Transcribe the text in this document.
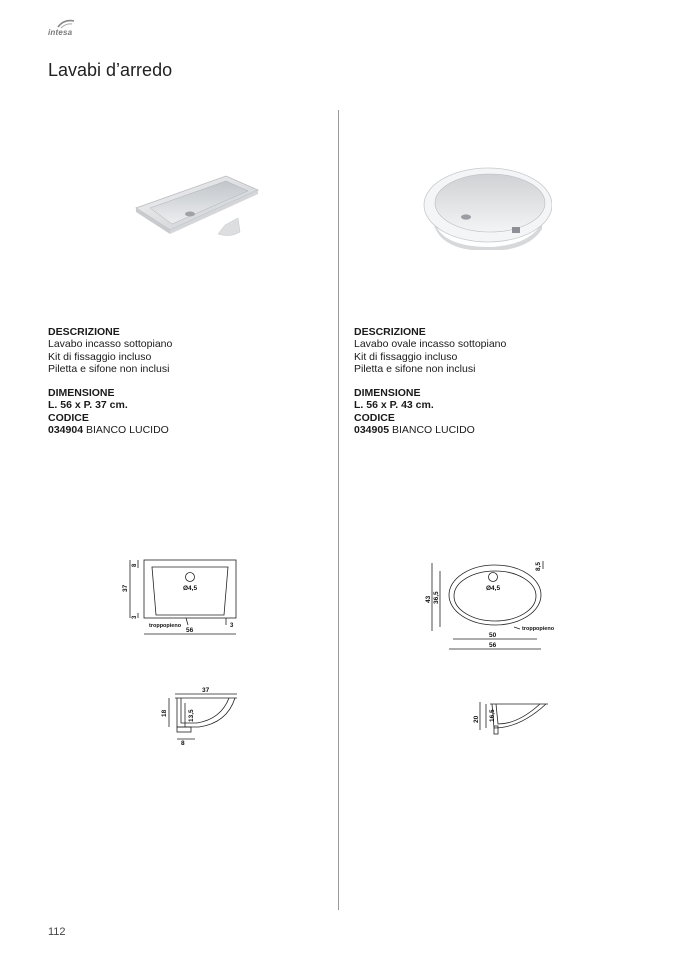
intesa
Lavabi d’arredo
DESCRIZIONE
Lavabo incasso sottopiano
Kit di fissaggio incluso
Piletta e sifone non inclusi
DIMENSIONE
L. 56 x P. 37 cm.
CODICE
034904 BIANCO LUCIDO
DESCRIZIONE
Lavabo ovale incasso sottopiano
Kit di fissaggio incluso
Piletta e sifone non inclusi
DIMENSIONE
L. 56 x P. 43 cm.
CODICE
034905 BIANCO LUCIDO
37
8
3
Ø4,5
troppopieno	3
56
37
18	13,5
8
43 36,5
8,5
Ø4,5
troppopieno
50
56
20 16,5
112
